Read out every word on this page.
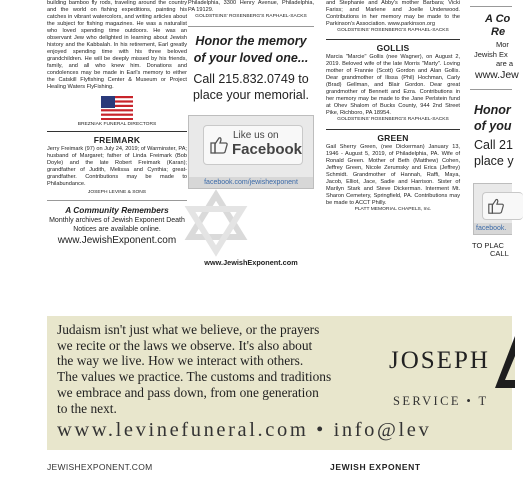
building bamboo fly rods, traveling around the country and the world on fishing expeditions, painting his catches in vibrant watercolors, and writing articles about the subject for fishing magazines. He was a naturalist who loved spending time outdoors. He was an observant Jew who delighted in learning about Jewish history and the Kabbalah. In his retirement, Earl greatly enjoyed spending time with his three beloved grandchildren. He will be deeply missed by his friends, family, and all who knew him. Donations and condolences may be made in Earl's memory to either the Catskill Flyfishing Center & Museum or Project Healing Waters FlyFishing.
BREZNIAK FUNERAL DIRECTORS
FREIMARK
Jerry Freimark (97) on July 24, 2019; of Warminster, PA; husband of Margaret; father of Linda Freimark (Bob Doyle) and the late Robert Freimark (Karan); grandfather of Judith, Melissa and Cynthia; great-grandfather. Contributions may be made to Philabundance.
JOSEPH LEVINE & SONS
A Community Remembers
Monthly archives of Jewish Exponent Death Notices are available online.
www.JewishExponent.com
Philadelphia, 3300 Henry Avenue, Philadelphia, PA 19129.
GOLDSTEINS' ROSENBERG'S RAPHAEL-SACKS
Honor the memory
of your loved one...
Call 215.832.0749 to
place your memorial.
Like us on
Facebook
facebook.com/jewishexponent
www.JewishExponent.com
and Stephanie and Abby's mother Barbara; Vicki Fariss; and Marlene and Joelle Underwood. Contributions in her memory may be made to the Parkinson's Association. www.parkinson.org
GOLDSTEINS' ROSENBERG'S RAPHAEL-SACKS
GOLLIS
Marcia "Marcie" Gollis (nee Wagner), on August 2, 2019. Beloved wife of the late Morris "Marty". Loving mother of Frannie (Scott) Gordon and Alan Gollis. Dear grandmother of Ilissa (Phil) Hochman, Carly (Brad) Gellman, and Blair Gordon. Dear great grandmother of Bennett and Ezra. Contributions in her memory may be made to the Jane Perlstein fund at Ohev Shalom of Bucks County, 944 2nd Street Pike, Richboro, PA 18954.
GOLDSTEINS' ROSENBERG'S RAPHAEL-SACKS
GREEN
Gail Sherry Green, (nee Dickerman) January 13, 1946 - August 5, 2019, of Philadelphia, PA. Wife of Ronald Green. Mother of Beth (Matthew) Cohen, Jeffrey Green, Nicole Zerumsky and Erica (Jeffrey) Schmidt. Grandmother of Hannah, Raffi, Maya, Jacob, Elliot, Jace, Sadie and Harrison. Sister of Marilyn Stark and Steve Dickerman. Interment Mt. Sharon Cemetery, Springfield, PA. Contributions may be made to ACCT Philly.
PLATT MEMORIAL CHAPELS, Inc.
A Co
Re
Mor
Jewish Ex
are a
www.Jew
Honor
of you
Call 21
place y
facebook.
TO PLAC
CALL
Judaism isn't just what we believe, or the prayers
we recite or the laws we observe. It's also about
the way we live. How we interact with others.
The values we practice. The customs and traditions
we embrace and pass down, from one generation
to the next.
JOSEPH
SERVICE • T
www.levinefuneral.com • info@lev
JEWISHEXPONENT.COM	JEWISH EXPONENT
